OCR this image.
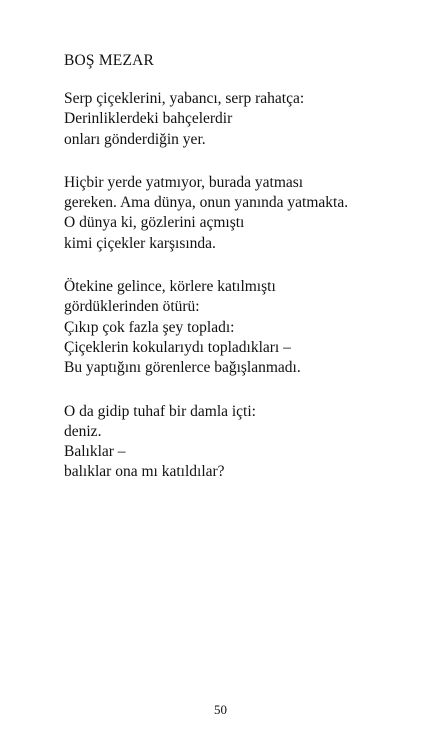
BOŞ MEZAR
Serp çiçeklerini, yabancı, serp rahatça:
Derinliklerdeki bahçelerdir
onları gönderdiğin yer.
Hiçbir yerde yatmıyor, burada yatması
gereken. Ama dünya, onun yanında yatmakta.
O dünya ki, gözlerini açmıştı
kimi çiçekler karşısında.
Ötekine gelince, körlere katılmıştı
gördüklerinden ötürü:
Çıkıp çok fazla şey topladı:
Çiçeklerin kokularıydı topladıkları –
Bu yaptığını görenlerce bağışlanmadı.
O da gidip tuhaf bir damla içti:
deniz.
Balıklar –
balıklar ona mı katıldılar?
50
